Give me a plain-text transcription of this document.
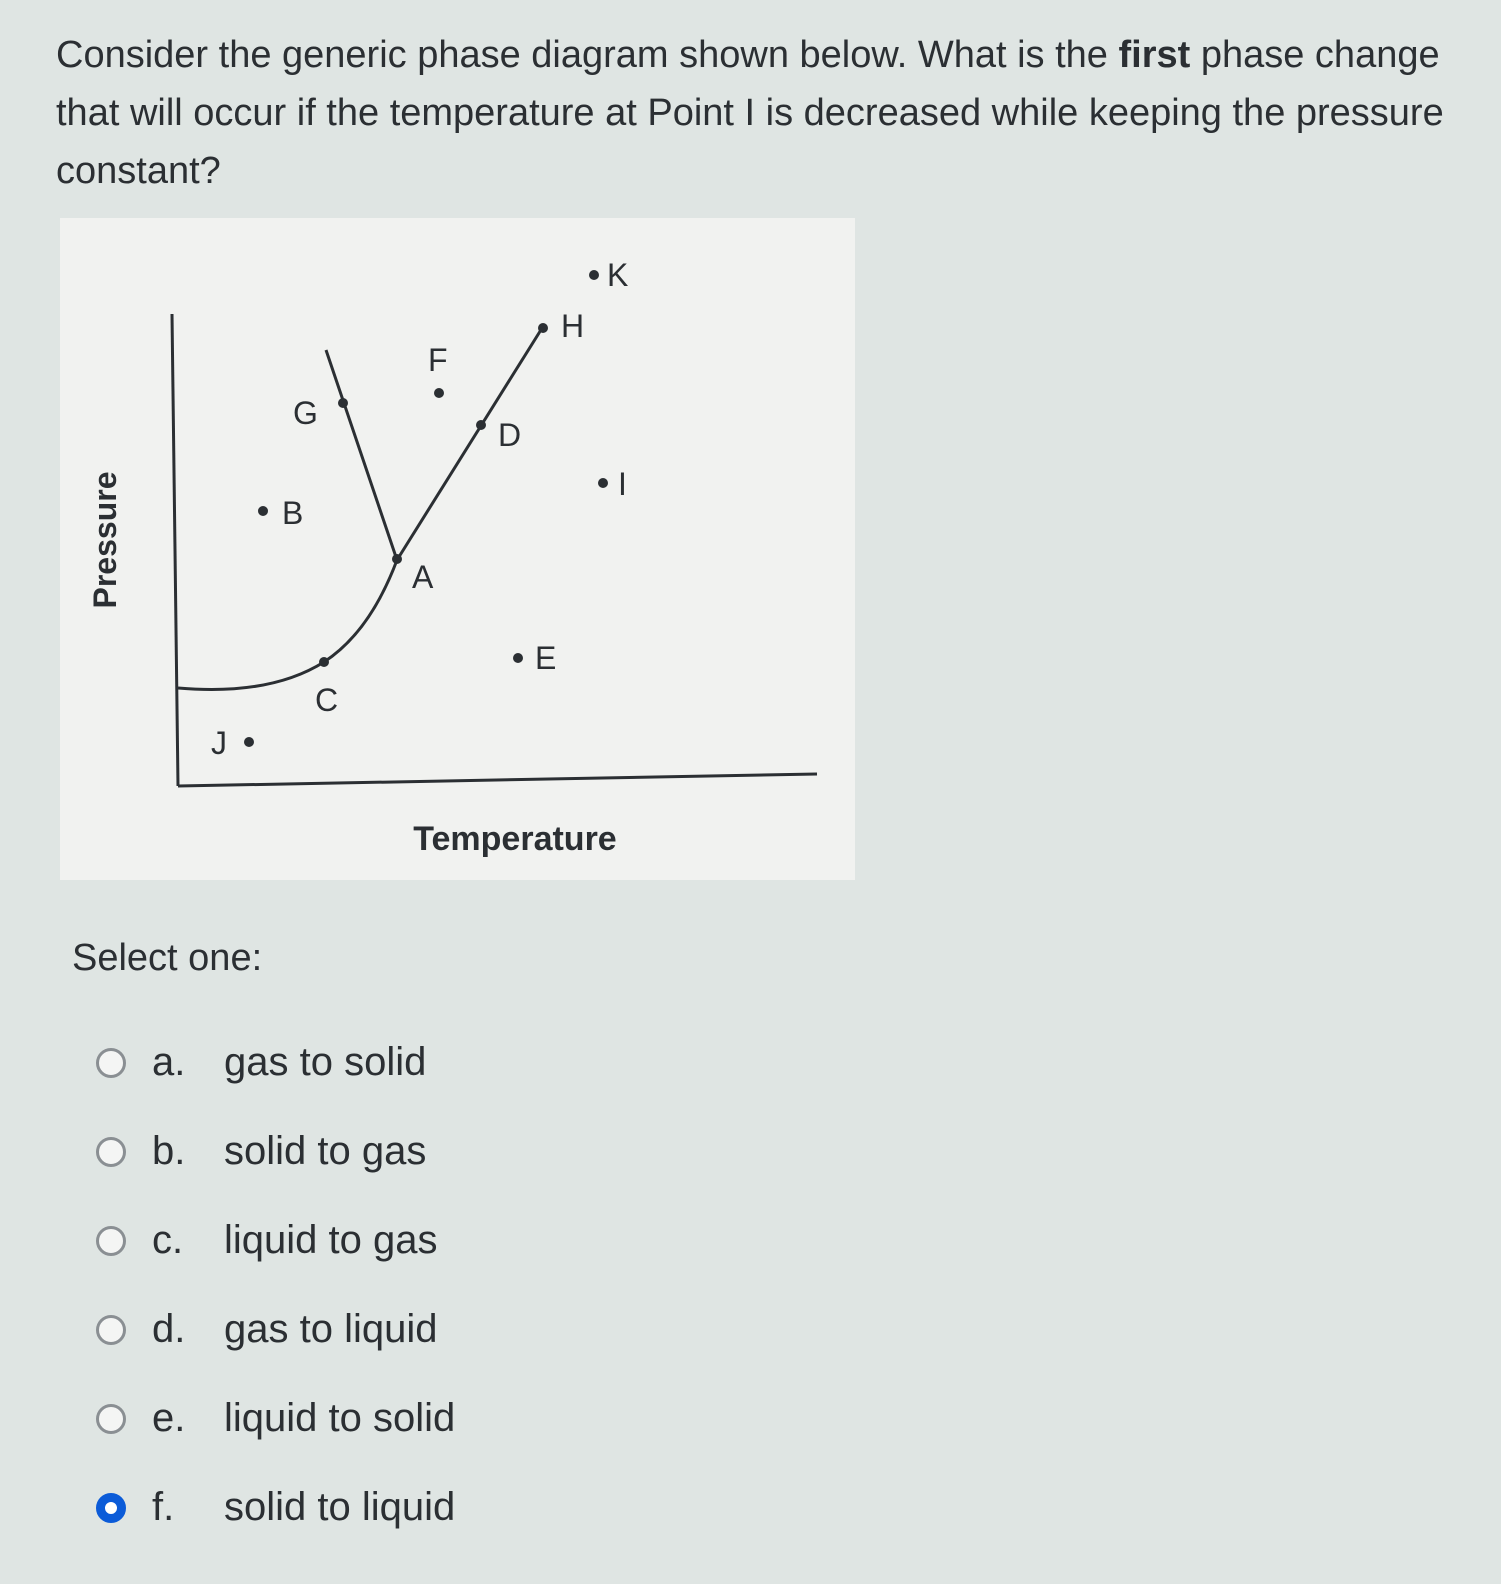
Consider the generic phase diagram shown below. What is the first phase change that will occur if the temperature at Point I is decreased while keeping the pressure constant?

A
B
C
D
E
F
G
H
I
J
K
Pressure
Temperature

Select one:

a. gas to solid
b. solid to gas
c.	liquid to gas
d. gas to liquid
e. liquid to solid
f.	solid to liquid
